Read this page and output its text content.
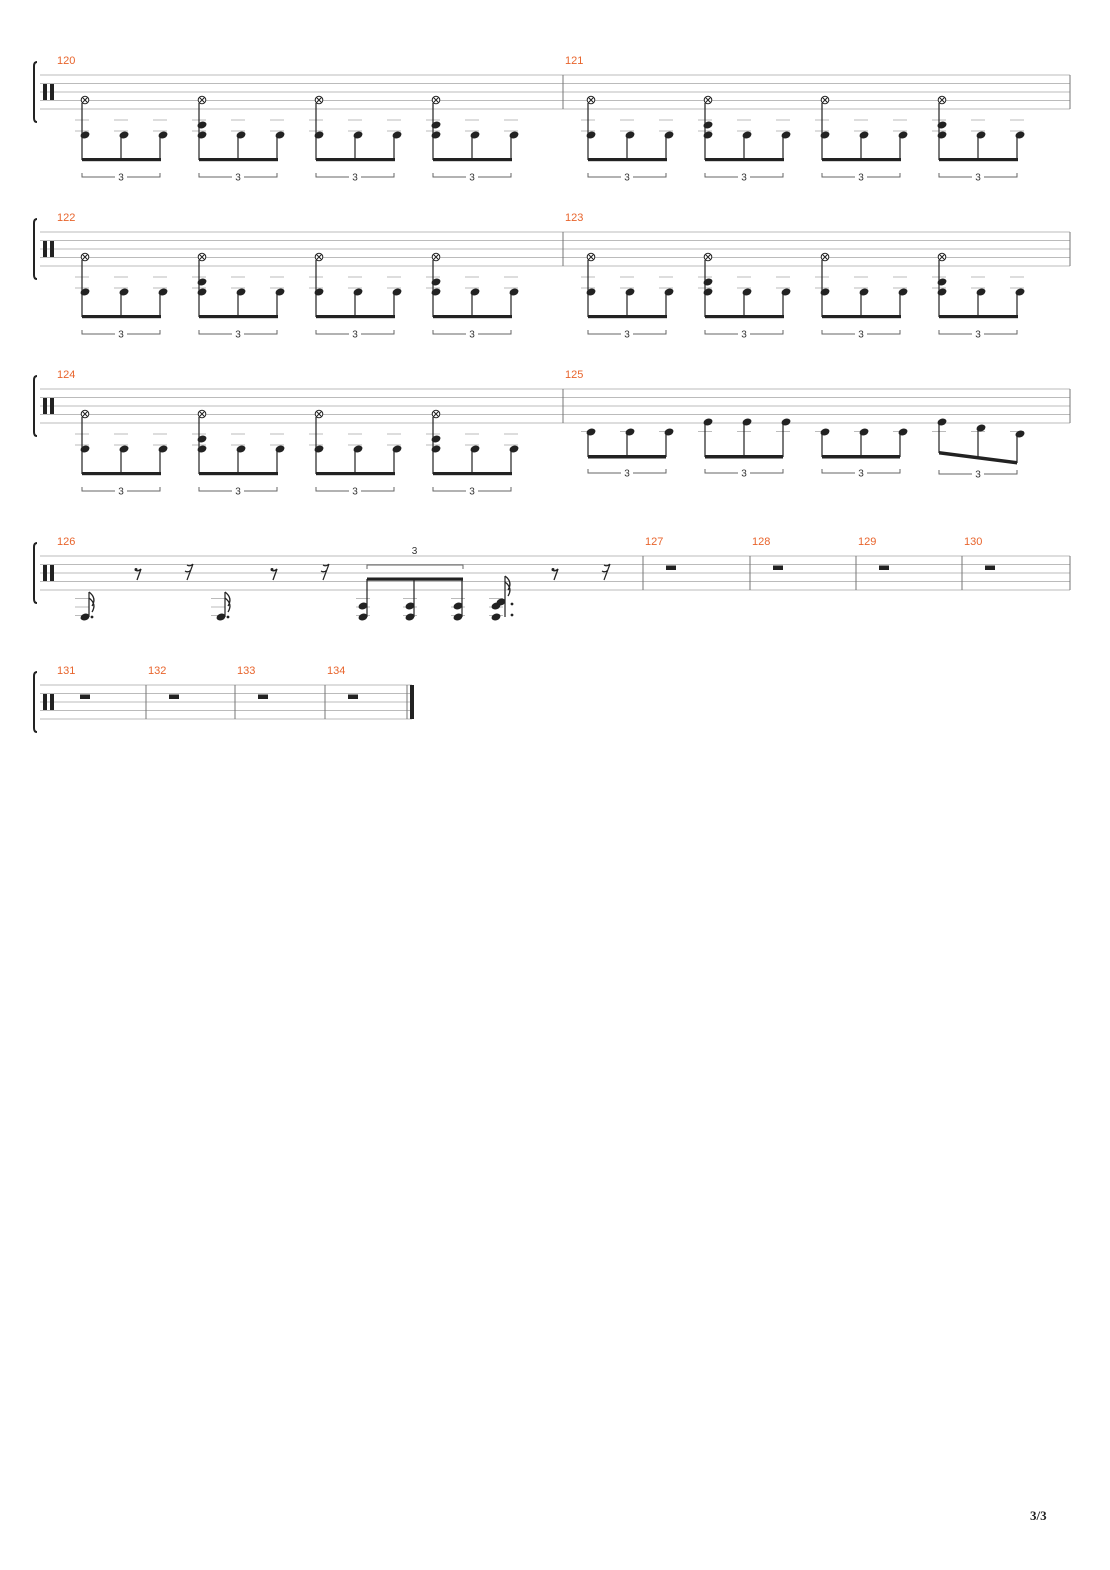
120
3	3	3	3
121
3	3	3	3
122
3	3	3	3
123
3	3	3	3
124
3	3	3	3
125
3	3	3	3
126
3
127	128	129	130
131	132	133	134
3/3
